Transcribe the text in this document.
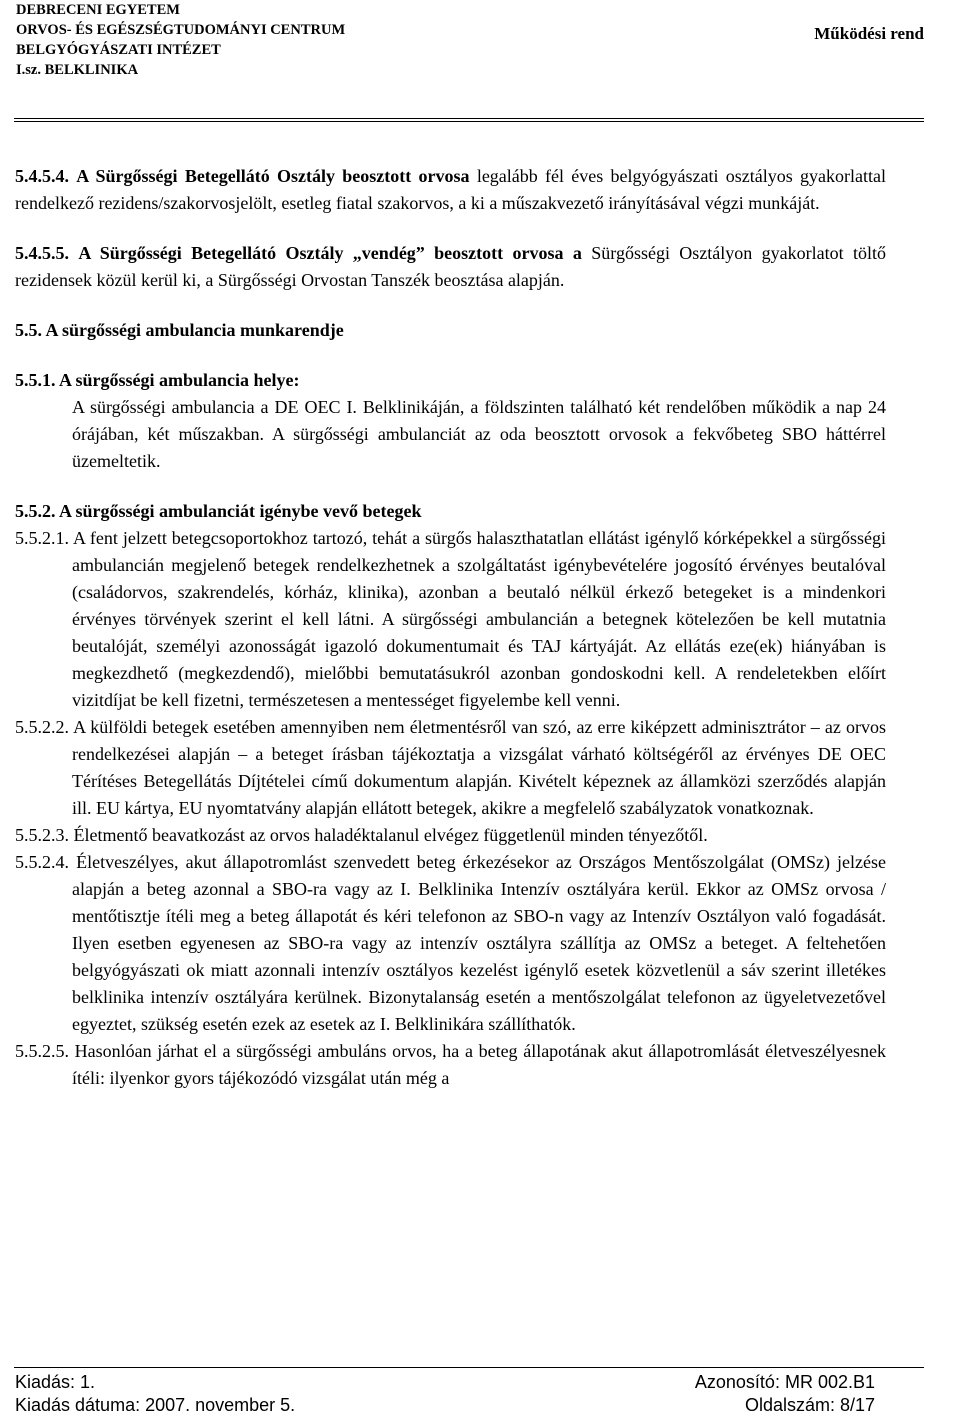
DEBRECENI EGYETEM
ORVOS- ÉS EGÉSZSÉGTUDOMÁNYI CENTRUM
BELGYÓGYÁSZATI INTÉZET
I.sz. BELKLINIKA
Működési rend

5.4.5.4. A Sürgősségi Betegellátó Osztály beosztott orvosa legalább fél éves belgyógyászati osztályos gyakorlattal rendelkező rezidens/szakorvosjelölt, esetleg fiatal szakorvos, a ki a műszakvezető irányításával végzi munkáját.

5.4.5.5. A Sürgősségi Betegellátó Osztály „vendég” beosztott orvosa a Sürgősségi Osztályon gyakorlatot töltő rezidensek közül kerül ki, a Sürgősségi Orvostan Tanszék beosztása alapján.

5.5. A sürgősségi ambulancia munkarendje

5.5.1. A sürgősségi ambulancia helye:

A sürgősségi ambulancia a DE OEC I. Belklinikáján, a földszinten található két rendelőben működik a nap 24 órájában, két műszakban. A sürgősségi ambulanciát az oda beosztott orvosok a fekvőbeteg SBO háttérrel üzemeltetik.

5.5.2. A sürgősségi ambulanciát igénybe vevő betegek

5.5.2.1. A fent jelzett betegcsoportokhoz tartozó, tehát a sürgős halaszthatatlan ellátást igénylő kórképekkel a sürgősségi ambulancián megjelenő betegek rendelkezhetnek a szolgáltatást igénybevételére jogosító érvényes beutalóval (családorvos, szakrendelés, kórház, klinika), azonban a beutaló nélkül érkező betegeket is a mindenkori érvényes törvények szerint el kell látni. A sürgősségi ambulancián a betegnek kötelezően be kell mutatnia beutalóját, személyi azonosságát igazoló dokumentumait és TAJ kártyáját. Az ellátás eze(ek) hiányában is megkezdhető (megkezdendő), mielőbbi bemutatásukról azonban gondoskodni kell. A rendeletekben előírt vizitdíjat be kell fizetni, természetesen a mentességet figyelembe kell venni.

5.5.2.2. A külföldi betegek esetében amennyiben nem életmentésről van szó, az erre kiképzett adminisztrátor – az orvos rendelkezései alapján – a beteget írásban tájékoztatja a vizsgálat várható költségéről az érvényes DE OEC Térítéses Betegellátás Díjtételei című dokumentum alapján. Kivételt képeznek az államközi szerződés alapján ill. EU kártya, EU nyomtatvány alapján ellátott betegek, akikre a megfelelő szabályzatok vonatkoznak.

5.5.2.3. Életmentő beavatkozást az orvos haladéktalanul elvégez függetlenül minden tényezőtől.

5.5.2.4. Életveszélyes, akut állapotromlást szenvedett beteg érkezésekor az Országos Mentőszolgálat (OMSz) jelzése alapján a beteg azonnal a SBO-ra vagy az I. Belklinika Intenzív osztályára kerül. Ekkor az OMSz orvosa / mentőtisztje ítéli meg a beteg állapotát és kéri telefonon az SBO-n vagy az Intenzív Osztályon való fogadását. Ilyen esetben egyenesen az SBO-ra vagy az intenzív osztályra szállítja az OMSz a beteget. A feltehetően belgyógyászati ok miatt azonnali intenzív osztályos kezelést igénylő esetek közvetlenül a sáv szerint illetékes belklinika intenzív osztályára kerülnek. Bizonytalanság esetén a mentőszolgálat telefonon az ügyeletvezetővel egyeztet, szükség esetén ezek az esetek az I. Belklinikára szállíthatók.

5.5.2.5. Hasonlóan járhat el a sürgősségi ambuláns orvos, ha a beteg állapotának akut állapotromlását életveszélyesnek ítéli: ilyenkor gyors tájékozódó vizsgálat után még a

Kiadás: 1.	Azonosító: MR 002.B1
Kiadás dátuma: 2007. november 5.	Oldalszám: 8/17
